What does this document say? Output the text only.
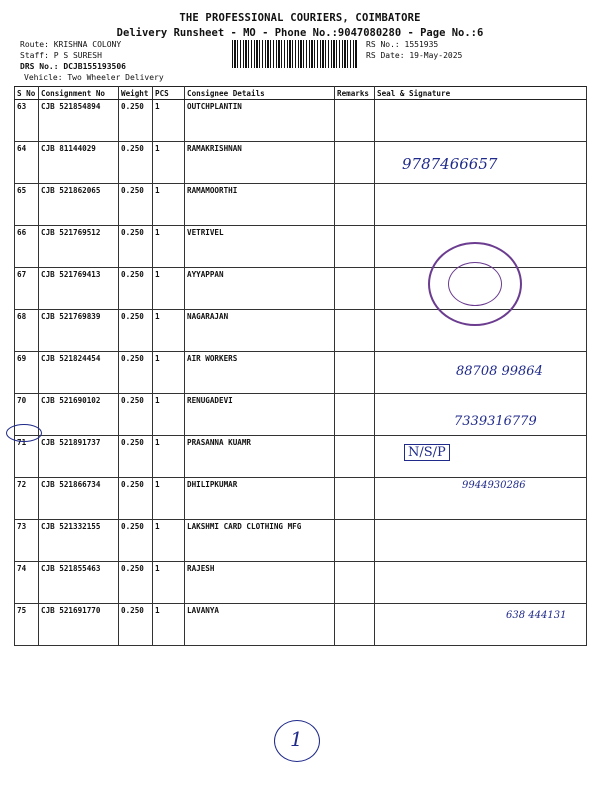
THE PROFESSIONAL COURIERS, COIMBATORE
Delivery Runsheet - MO - Phone No.:9047080280 - Page No.:6
Route: KRISHNA COLONY
Staff: P S SURESH
DRS No.: DCJB155193506
Vehicle: Two Wheeler Delivery
RS No.: 1551935
RS Date: 19-May-2025
S No	Consignment No	Weight	PCS	Consignee Details	Remarks	Seal & Signature
63	CJB 521854894	0.250	1	OUTCHPLANTIN		
64	CJB 81144029	0.250	1	RAMAKRISHNAN		
65	CJB 521862065	0.250	1	RAMAMOORTHI		
66	CJB 521769512	0.250	1	VETRIVEL		
67	CJB 521769413	0.250	1	AYYAPPAN		
68	CJB 521769839	0.250	1	NAGARAJAN		
69	CJB 521824454	0.250	1	AIR WORKERS		
70	CJB 521690102	0.250	1	RENUGADEVI		
71	CJB 521891737	0.250	1	PRASANNA KUAMR		
72	CJB 521866734	0.250	1	DHILIPKUMAR		
73	CJB 521332155	0.250	1	LAKSHMI CARD CLOTHING MFG		
74	CJB 521855463	0.250	1	RAJESH		
75	CJB 521691770	0.250	1	LAVANYA		
9787466657
88708 99864
7339316779
N/S/P
9944930286
638 444131
1
